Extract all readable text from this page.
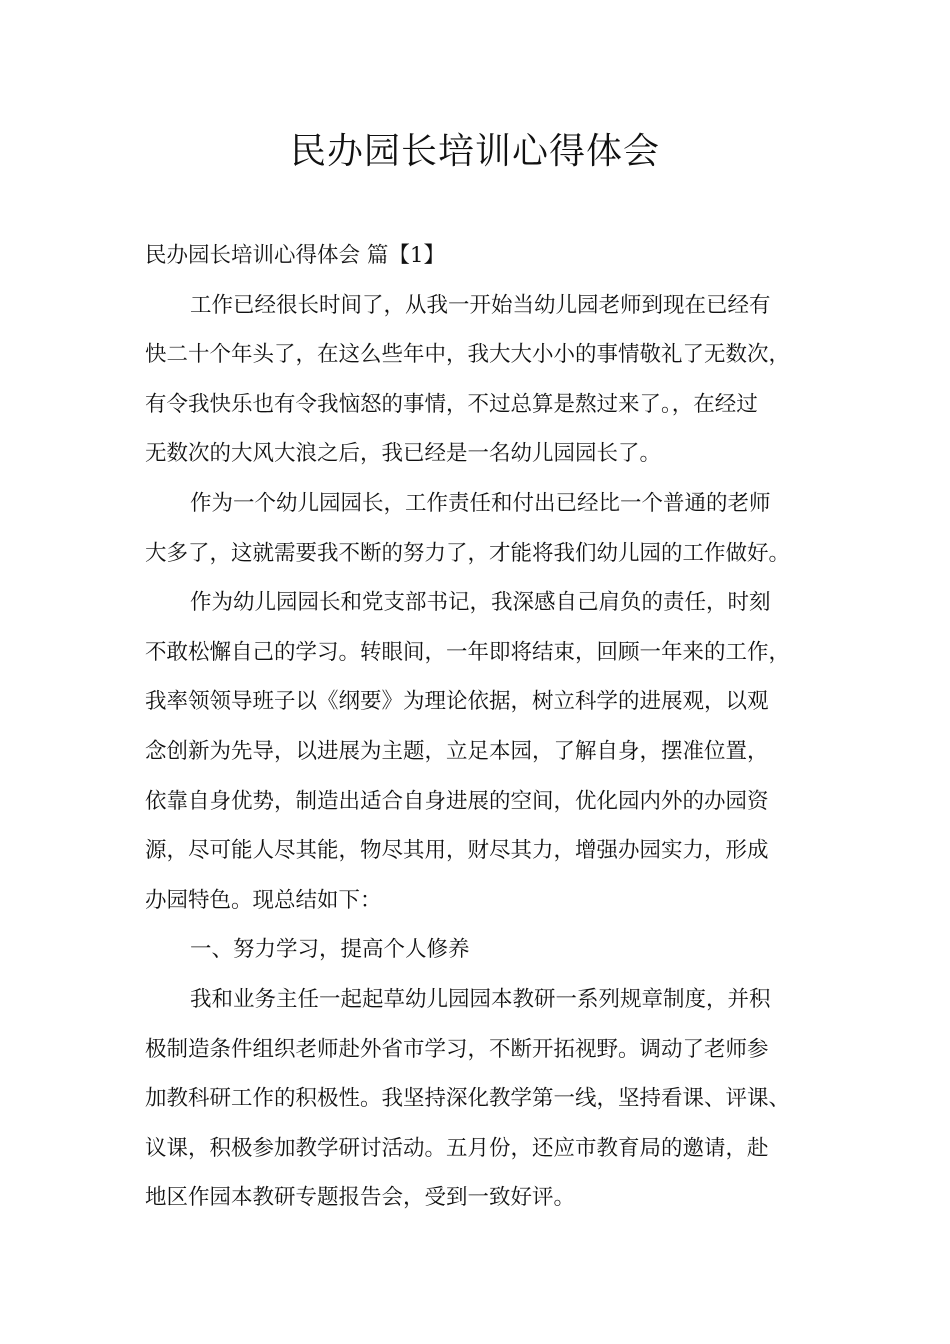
民办园长培训心得体会
民办园长培训心得体会 篇【1】
工作已经很长时间了，从我一开始当幼儿园老师到现在已经有
快二十个年头了，在这么些年中，我大大小小的事情敬礼了无数次，
有令我快乐也有令我恼怒的事情，不过总算是熬过来了。，在经过
无数次的大风大浪之后，我已经是一名幼儿园园长了。
作为一个幼儿园园长，工作责任和付出已经比一个普通的老师
大多了，这就需要我不断的努力了，才能将我们幼儿园的工作做好。
作为幼儿园园长和党支部书记，我深感自己肩负的责任，时刻
不敢松懈自己的学习。转眼间，一年即将结束，回顾一年来的工作，
我率领领导班子以《纲要》为理论依据，树立科学的进展观，以观
念创新为先导，以进展为主题，立足本园，了解自身，摆准位置，
依靠自身优势，制造出适合自身进展的空间，优化园内外的办园资
源，尽可能人尽其能，物尽其用，财尽其力，增强办园实力，形成
办园特色。现总结如下：
一、努力学习，提高个人修养
我和业务主任一起起草幼儿园园本教研一系列规章制度，并积
极制造条件组织老师赴外省市学习，不断开拓视野。调动了老师参
加教科研工作的积极性。我坚持深化教学第一线，坚持看课、评课、
议课，积极参加教学研讨活动。五月份，还应市教育局的邀请，赴
地区作园本教研专题报告会，受到一致好评。
